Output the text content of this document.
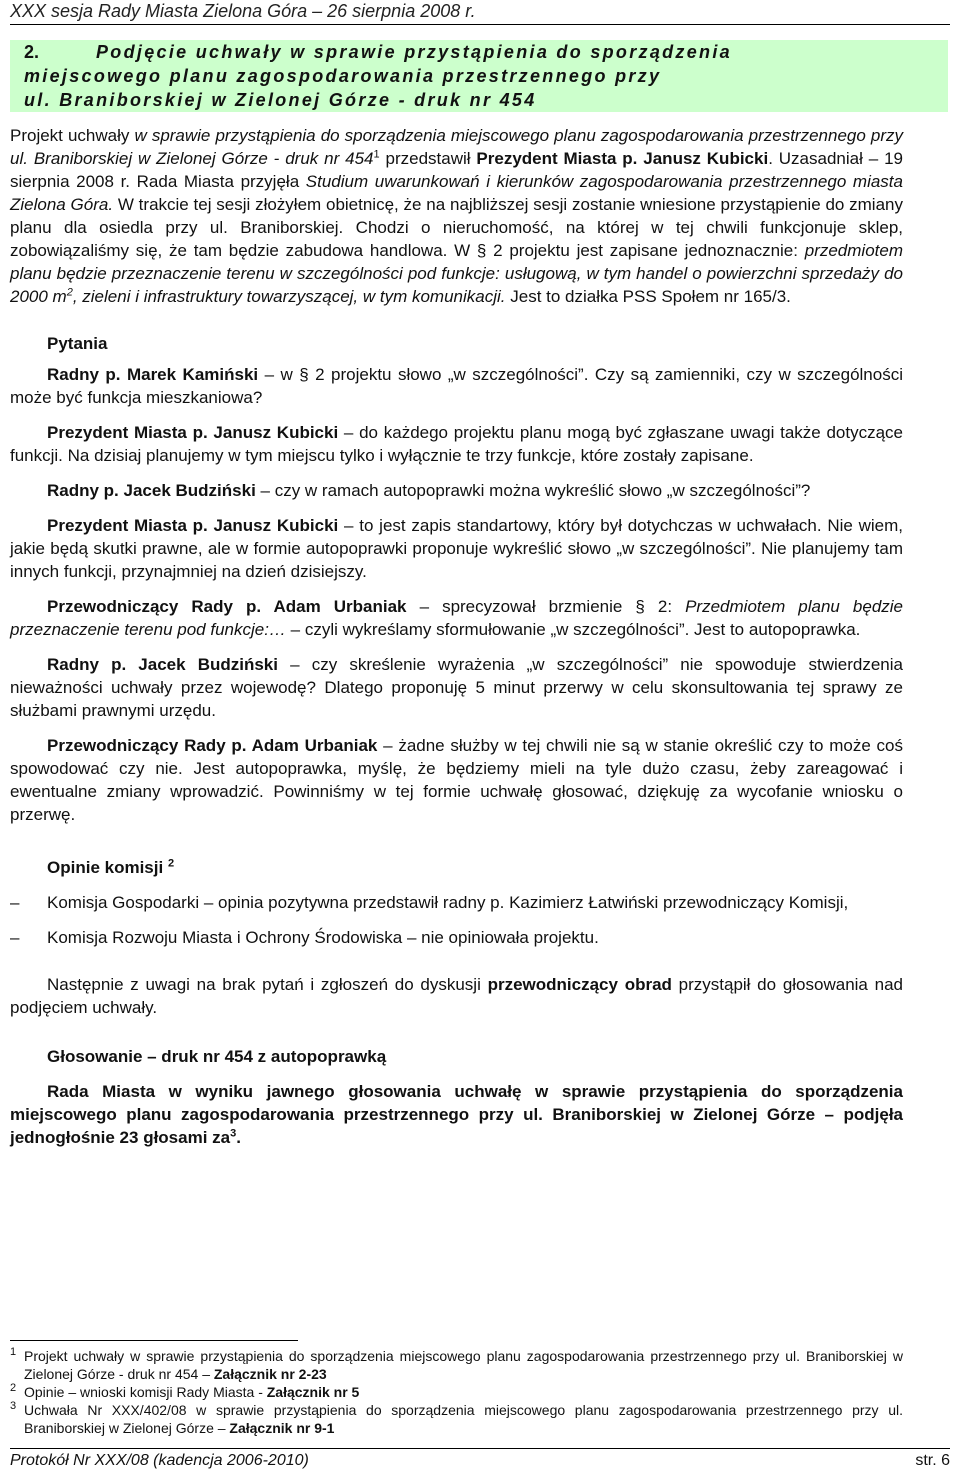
XXX sesja Rady Miasta Zielona Góra – 26 sierpnia 2008 r.
2.	Podjęcie uchwały w sprawie przystąpienia do sporządzenia
miejscowego planu zagospodarowania przestrzennego przy
ul. Braniborskiej w Zielonej Górze - druk nr 454

Projekt uchwały w sprawie przystąpienia do sporządzenia miejscowego planu zagospodarowania przestrzennego przy ul. Braniborskiej w Zielonej Górze - druk nr $454^1$ przedstawił Prezydent Miasta p. Janusz Kubicki. Uzasadniał – 19 sierpnia 2008 r. Rada Miasta przyjęła Studium uwarunkowań i kierunków zagospodarowania przestrzennego miasta Zielona Góra. W trakcie tej sesji złożyłem obietnicę, że na najbliższej sesji zostanie wniesione przystąpienie do zmiany planu dla osiedla przy ul. Braniborskiej. Chodzi o nieruchomość, na której w tej chwili funkcjonuje sklep, zobowiązaliśmy się, że tam będzie zabudowa handlowa. W § 2 projektu jest zapisane jednoznacznie: przedmiotem planu będzie przeznaczenie terenu w szczególności pod funkcje: usługową, w tym handel o powierzchni sprzedaży do 2000 $m^2$, zieleni i infrastruktury towarzyszącej, w tym komunikacji. Jest to działka PSS Społem nr 165/3.

Pytania

Radny p. Marek Kamiński – w § 2 projektu słowo „w szczególności”. Czy są zamienniki, czy w szczególności może być funkcja mieszkaniowa?

Prezydent Miasta p. Janusz Kubicki – do każdego projektu planu mogą być zgłaszane uwagi także dotyczące funkcji. Na dzisiaj planujemy w tym miejscu tylko i wyłącznie te trzy funkcje, które zostały zapisane.

Radny p. Jacek Budziński – czy w ramach autopoprawki można wykreślić słowo „w szczególności”?

Prezydent Miasta p. Janusz Kubicki – to jest zapis standartowy, który był dotychczas w uchwałach. Nie wiem, jakie będą skutki prawne, ale w formie autopoprawki proponuje wykreślić słowo „w szczególności”. Nie planujemy tam innych funkcji, przynajmniej na dzień dzisiejszy.

Przewodniczący Rady p. Adam Urbaniak – sprecyzował brzmienie § 2: Przedmiotem planu będzie przeznaczenie terenu pod funkcje:… – czyli wykreślamy sformułowanie „w szczególności”. Jest to autopoprawka.

Radny p. Jacek Budziński – czy skreślenie wyrażenia „w szczególności” nie spowoduje stwierdzenia nieważności uchwały przez wojewodę? Dlatego proponuję 5 minut przerwy w celu skonsultowania tej sprawy ze służbami prawnymi urzędu.

Przewodniczący Rady p. Adam Urbaniak – żadne służby w tej chwili nie są w stanie określić czy to może coś spowodować czy nie. Jest autopoprawka, myślę, że będziemy mieli na tyle dużo czasu, żeby zareagować i ewentualne zmiany wprowadzić. Powinniśmy w tej formie uchwałę głosować, dziękuję za wycofanie wniosku o przerwę.

Opinie komisji $^2$

– Komisja Gospodarki – opinia pozytywna przedstawił radny p. Kazimierz Łatwiński przewodniczący Komisji,

– Komisja Rozwoju Miasta i Ochrony Środowiska – nie opiniowała projektu.

Następnie z uwagi na brak pytań i zgłoszeń do dyskusji przewodniczący obrad przystąpił do głosowania nad podjęciem uchwały.

Głosowanie – druk nr 454 z autopoprawką

Rada Miasta w wyniku jawnego głosowania uchwałę w sprawie przystąpienia do sporządzenia miejscowego planu zagospodarowania przestrzennego przy ul. Braniborskiej w Zielonej Górze – podjęła jednogłośnie 23 głosami $za^3$.

1 Projekt uchwały w sprawie przystąpienia do sporządzenia miejscowego planu zagospodarowania przestrzennego przy ul. Braniborskiej w Zielonej Górze - druk nr 454 – Załącznik nr 2-23
2 Opinie – wnioski komisji Rady Miasta - Załącznik nr 5
3 Uchwała Nr XXX/402/08 w sprawie przystąpienia do sporządzenia miejscowego planu zagospodarowania przestrzennego przy ul. Braniborskiej w Zielonej Górze – Załącznik nr 9-1
Protokół Nr XXX/08 (kadencja 2006-2010)	str. 6
